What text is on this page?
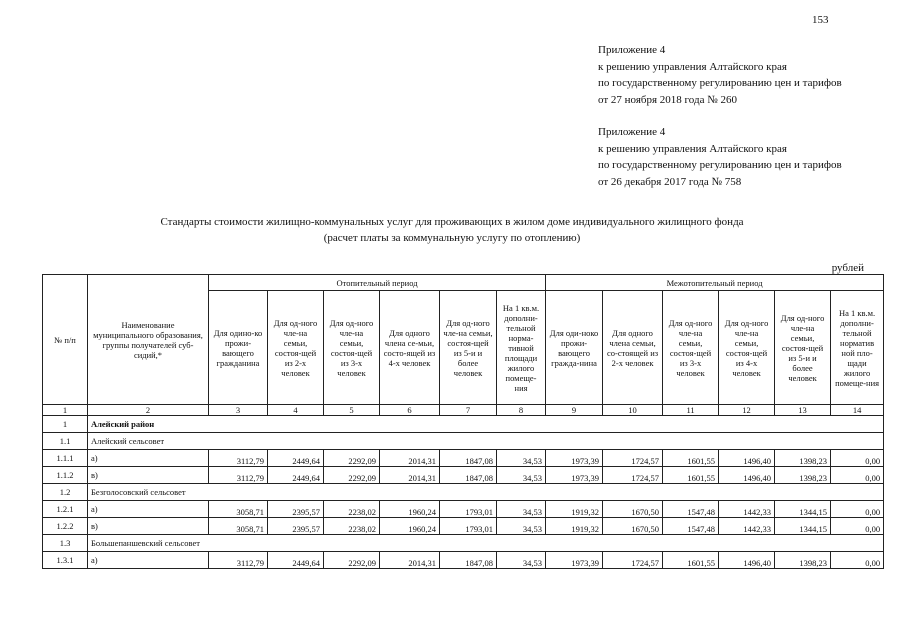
153
Приложение 4
к решению управления Алтайского края
по государственному регулированию цен и тарифов
от 27 ноября 2018 года № 260
Приложение 4
к решению управления Алтайского края
по государственному регулированию цен и тарифов
от 26 декабря 2017 года № 758
Стандарты стоимости жилищно-коммунальных услуг для проживающих в жилом доме индивидуального жилищного фонда
(расчет платы за коммунальную услугу по отоплению)
рублей
№ п/п	Наименование муниципального образования, группы получателей суб-сидий,*	Отопительный период						Межотопительный период					
		Для одино-ко прожи-вающего гражданина	Для од-ного чле-на семьи, состоя-щей из 2-х человек	Для од-ного чле-на семьи, состоя-щей из 3-х человек	Для одного члена се-мьи, состо-ящей из 4-х человек	Для од-ного чле-на семьи, состоя-щей из 5-и и более человек	На 1 кв.м. дополни-тельной норма-тивной площади жилого помеще-ния	Для оди-ноко прожи-вающего гражда-нина	Для одного члена семьи, со-стоящей из 2-х человек	Для од-ного чле-на семьи, состоя-щей из 3-х человек	Для од-ного чле-на семьи, состоя-щей из 4-х человек	Для од-ного чле-на семьи, состоя-щей из 5-и и более человек	На 1 кв.м. дополни-тельной норматив ной пло-щади жилого помеще-ния
1	2	3	4	5	6	7	8	9	10	11	12	13	14
1	Алейский район												
1.1	Алейский сельсовет												
1.1.1	а)	3112,79	2449,64	2292,09	2014,31	1847,08	34,53	1973,39	1724,57	1601,55	1496,40	1398,23	0,00
1.1.2	в)	3112,79	2449,64	2292,09	2014,31	1847,08	34,53	1973,39	1724,57	1601,55	1496,40	1398,23	0,00
1.2	Безголосовский сельсовет												
1.2.1	а)	3058,71	2395,57	2238,02	1960,24	1793,01	34,53	1919,32	1670,50	1547,48	1442,33	1344,15	0,00
1.2.2	в)	3058,71	2395,57	2238,02	1960,24	1793,01	34,53	1919,32	1670,50	1547,48	1442,33	1344,15	0,00
1.3	Большепаншевский сельсовет												
1.3.1	а)	3112,79	2449,64	2292,09	2014,31	1847,08	34,53	1973,39	1724,57	1601,55	1496,40	1398,23	0,00
